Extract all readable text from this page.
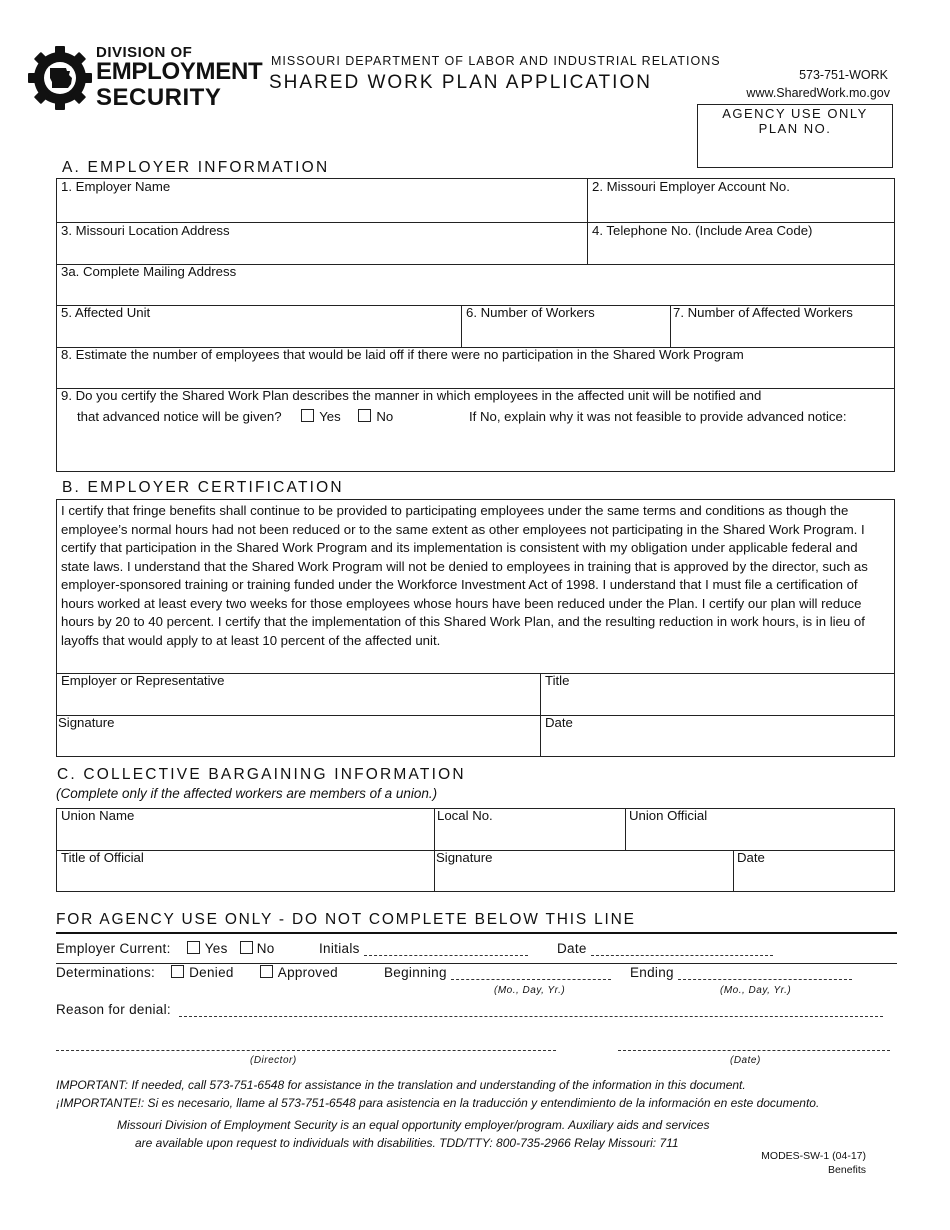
DIVISION OF
EMPLOYMENT
SECURITY
MISSOURI DEPARTMENT OF LABOR AND INDUSTRIAL RELATIONS
SHARED WORK PLAN APPLICATION	573-751-WORK
www.SharedWork.mo.gov
AGENCY USE ONLY
PLAN NO.
A. EMPLOYER INFORMATION
1. Employer Name	2. Missouri Employer Account No.
3. Missouri Location Address	4. Telephone No. (Include Area Code)
3a. Complete Mailing Address
5. Affected Unit	6. Number of Workers	7. Number of Affected Workers
8. Estimate the number of employees that would be laid off if there were no participation in the Shared Work Program
9. Do you certify the Shared Work Plan describes the manner in which employees in the affected unit will be notified and
that advanced notice will be given?	Yes	No	If No, explain why it was not feasible to provide advanced notice:
B. EMPLOYER CERTIFICATION
I certify that fringe benefits shall continue to be provided to participating employees under the same terms and conditions as though the employee’s normal hours had not been reduced or to the same extent as other employees not participating in the Shared Work Program. I certify that participation in the Shared Work Program and its implementation is consistent with my obligation under applicable federal and state laws. I understand that the Shared Work Program will not be denied to employees in training that is approved by the director, such as employer-sponsored training or training funded under the Workforce Investment Act of 1998. I understand that I must file a certification of hours worked at least every two weeks for those employees whose hours have been reduced under the Plan. I certify our plan will reduce hours by 20 to 40 percent. I certify that the implementation of this Shared Work Plan, and the resulting reduction in work hours, is in lieu of layoffs that would apply to at least 10 percent of the affected unit.
Employer or Representative	Title
Signature	Date
C. COLLECTIVE BARGAINING INFORMATION
(Complete only if the affected workers are members of a union.)
Union Name	Local No.	Union Official
Title of Official	Signature	Date
FOR AGENCY USE ONLY - DO NOT COMPLETE BELOW THIS LINE
Employer Current:	Yes No	Initials	Date
Determinations:	Denied	Approved	Beginning	Ending
(Mo., Day, Yr.)	(Mo., Day, Yr.)
Reason for denial:
(Director)	(Date)
IMPORTANT: If needed, call 573-751-6548 for assistance in the translation and understanding of the information in this document.
¡IMPORTANTE!: Si es necesario, llame al 573-751-6548 para asistencia en la traducción y entendimiento de la información en este documento.
Missouri Division of Employment Security is an equal opportunity employer/program. Auxiliary aids and services
are available upon request to individuals with disabilities. TDD/TTY: 800-735-2966 Relay Missouri: 711
MODES-SW-1 (04-17)
Benefits
